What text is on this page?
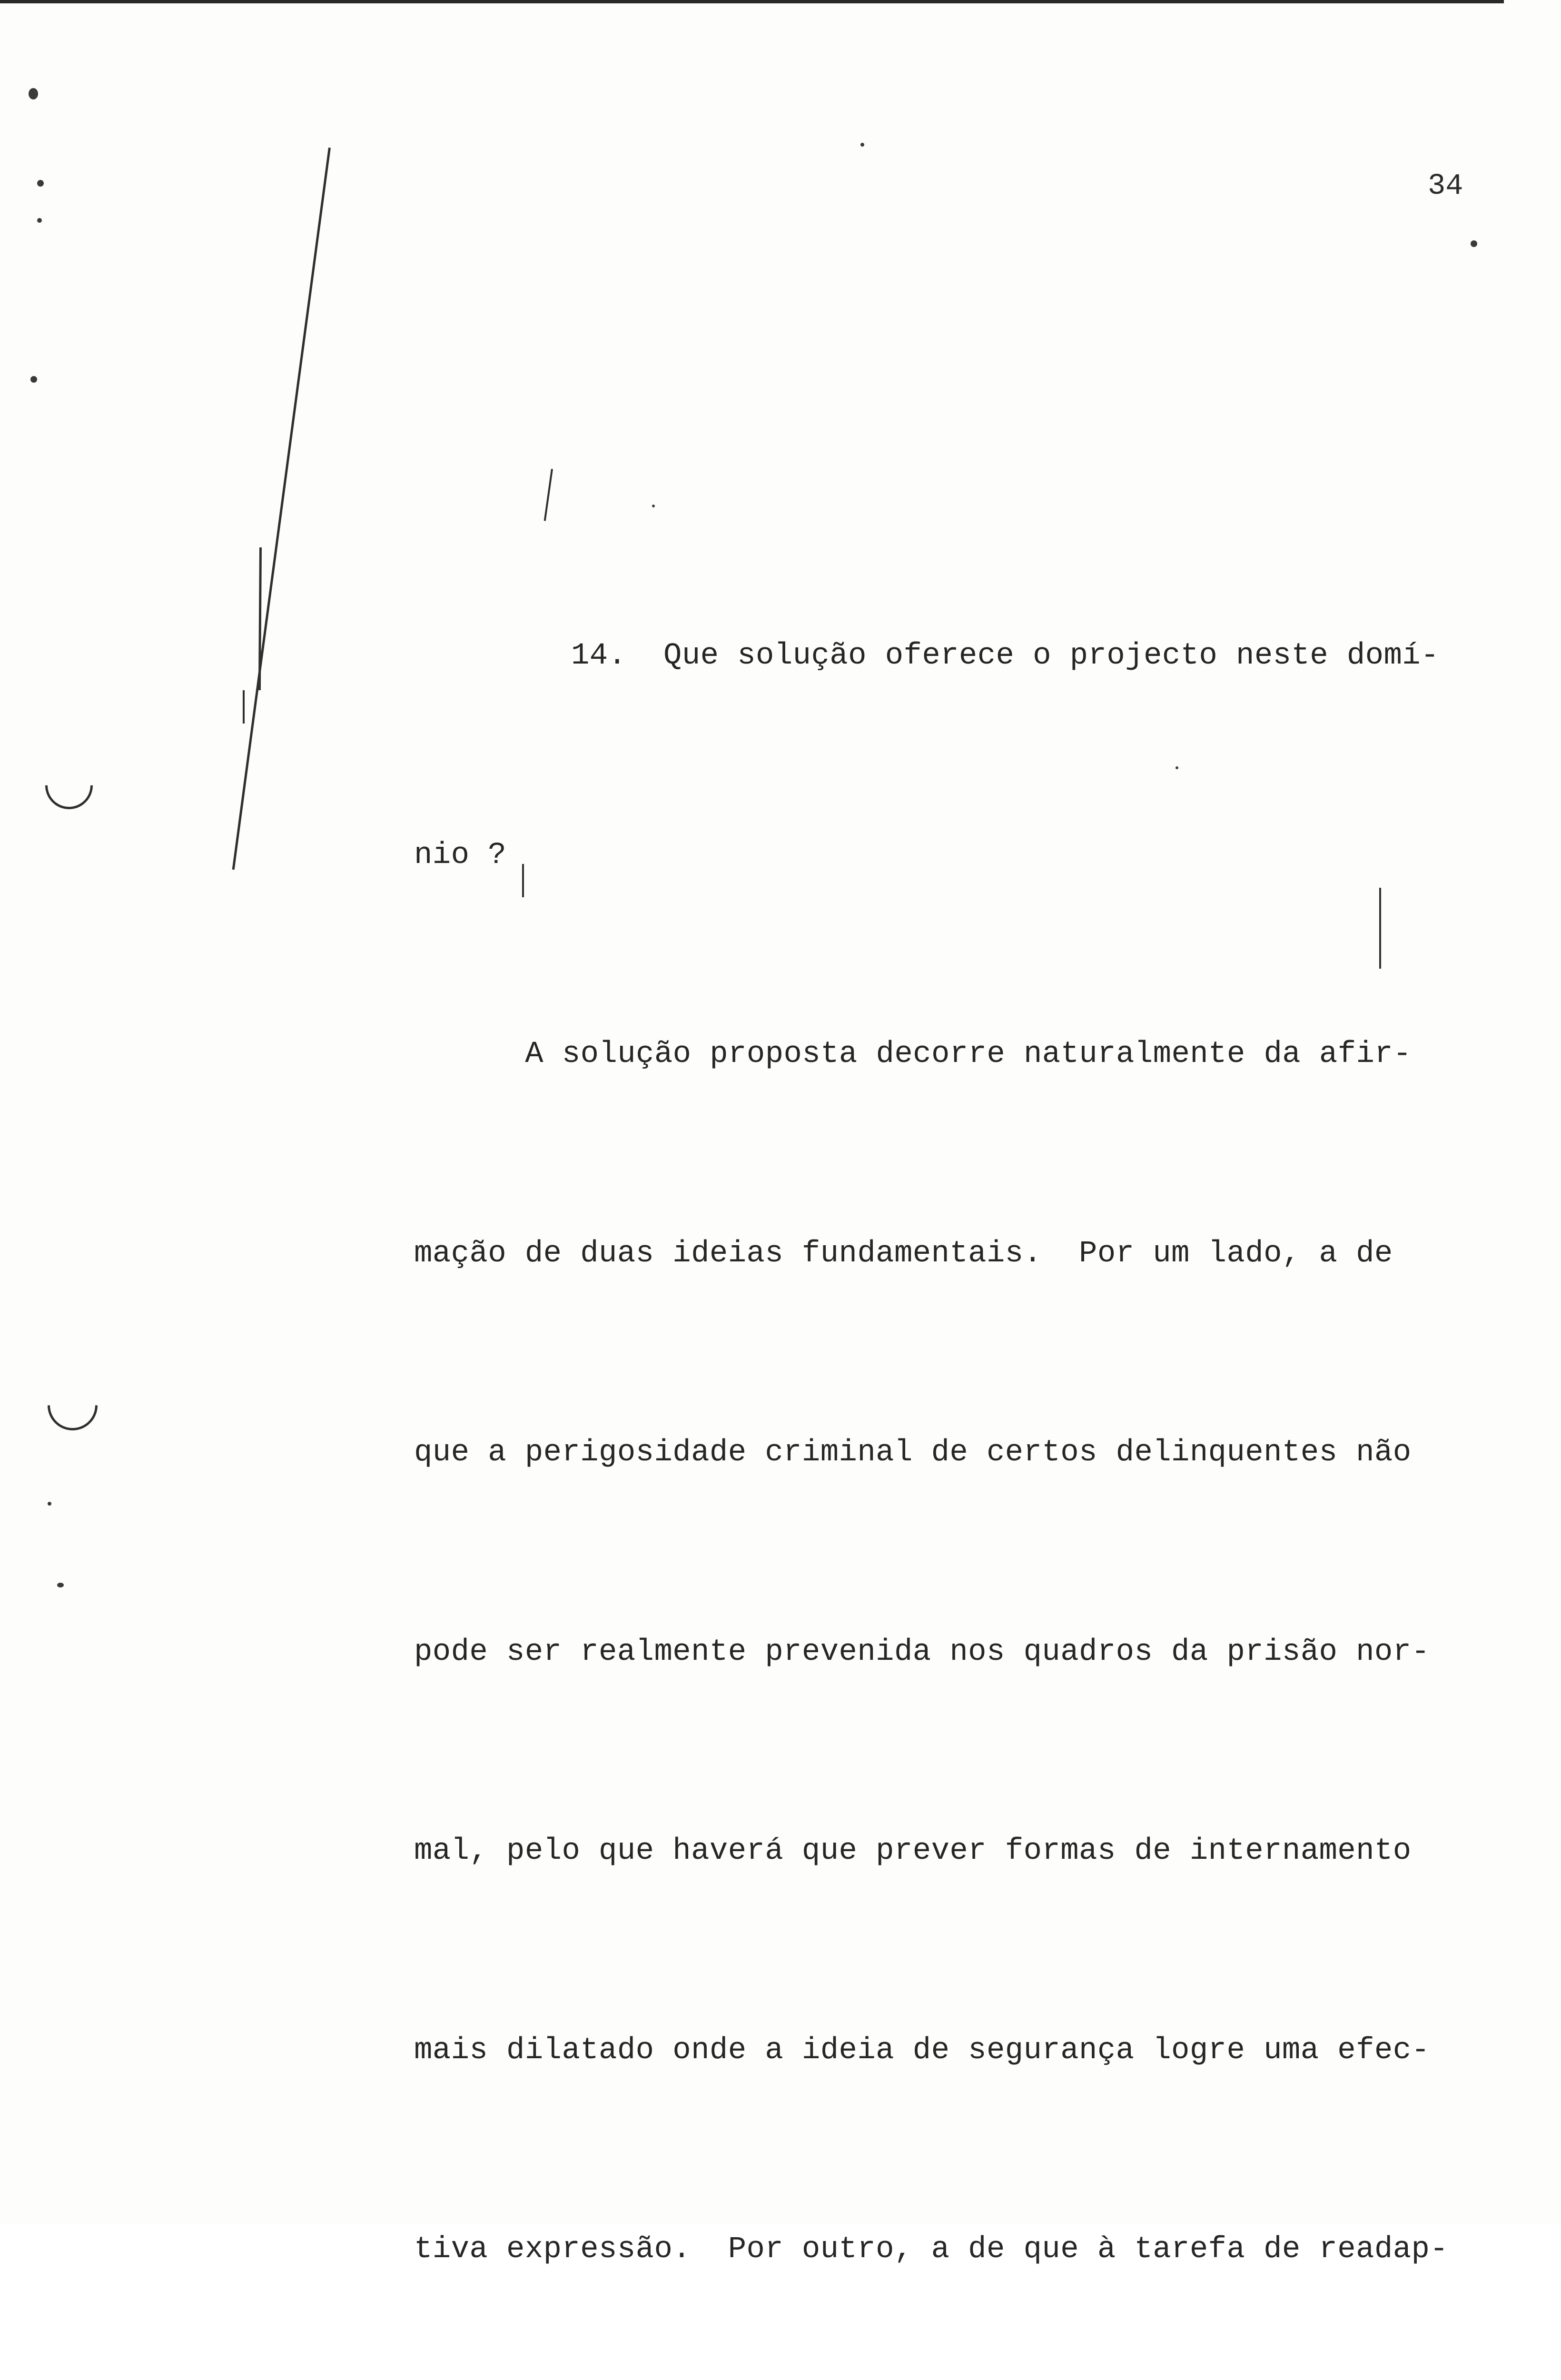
34

14.  Que solução oferece o projecto neste domí-

nio ?

A solução proposta decorre naturalmente da afir-

mação de duas ideias fundamentais.  Por um lado, a de

que a perigosidade criminal de certos delinquentes não

pode ser realmente prevenida nos quadros da prisão nor-

mal, pelo que haverá que prever formas de internamento

mais dilatado onde a ideia de segurança logre uma efec-

tiva expressão.  Por outro, a de que à tarefa de readap-
